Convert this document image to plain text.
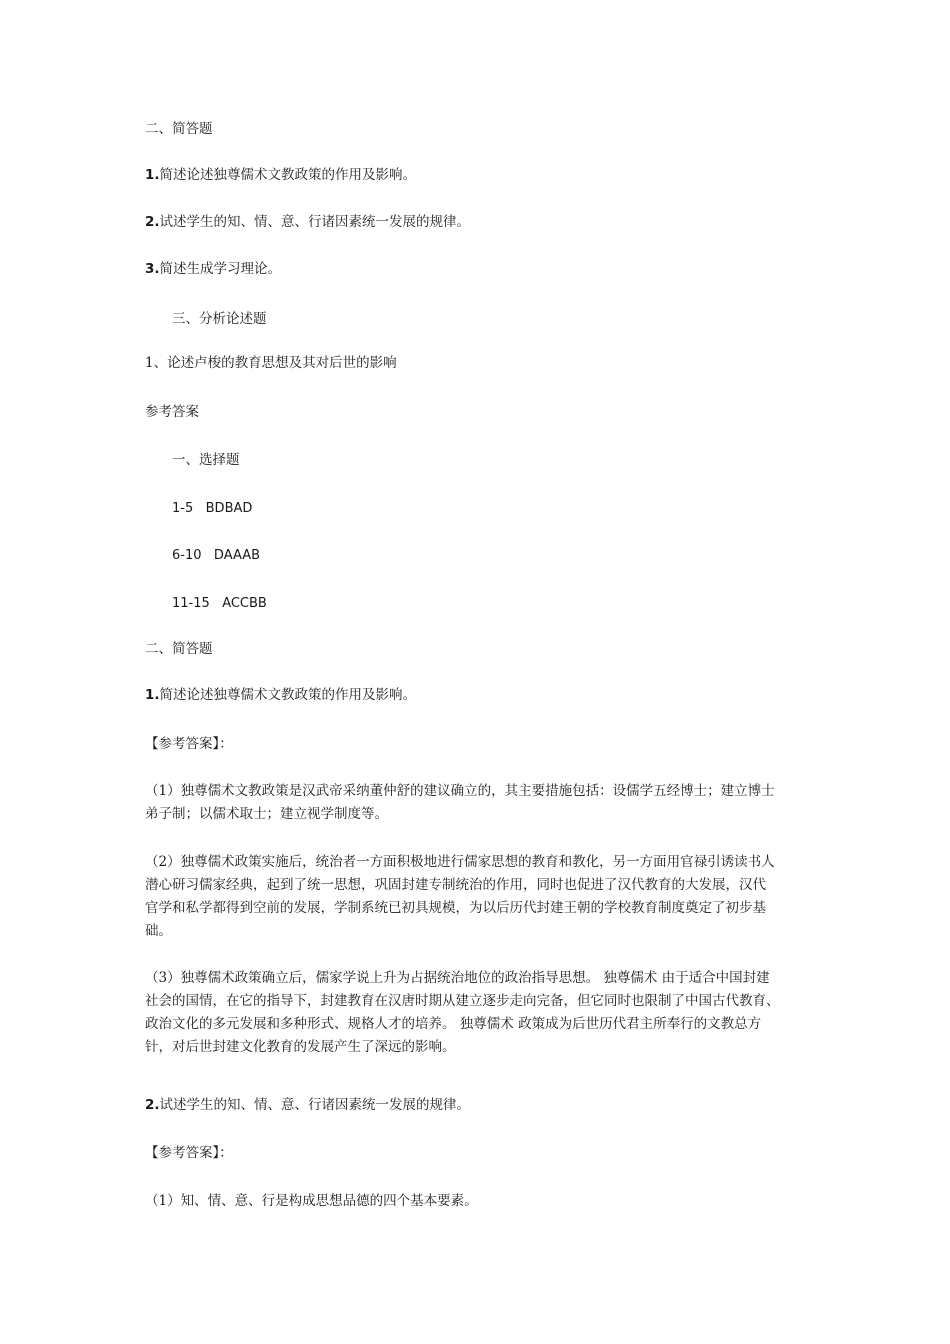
二、简答题
1.简述论述独尊儒术文教政策的作用及影响。
2.试述学生的知、情、意、行诸因素统一发展的规律。
3.简述生成学习理论。
三、分析论述题
1、论述卢梭的教育思想及其对后世的影响
参考答案
一、选择题
1-5 BDBAD
6-10 DAAAB
11-15 ACCBB
二、简答题
1.简述论述独尊儒术文教政策的作用及影响。
【参考答案】：
（1）独尊儒术文教政策是汉武帝采纳董仲舒的建议确立的，其主要措施包括：设儒学五经博士；建立博士
弟子制；以儒术取士；建立视学制度等。
（2）独尊儒术政策实施后，统治者一方面积极地进行儒家思想的教育和教化，另一方面用官禄引诱读书人
潜心研习儒家经典，起到了统一思想，巩固封建专制统治的作用，同时也促进了汉代教育的大发展，汉代
官学和私学都得到空前的发展，学制系统已初具规模，为以后历代封建王朝的学校教育制度奠定了初步基
础。
（3）独尊儒术政策确立后，儒家学说上升为占据统治地位的政治指导思想。 独尊儒术 由于适合中国封建
社会的国情，在它的指导下，封建教育在汉唐时期从建立逐步走向完备，但它同时也限制了中国古代教育、
政治文化的多元发展和多种形式、规格人才的培养。 独尊儒术 政策成为后世历代君主所奉行的文教总方
针，对后世封建文化教育的发展产生了深远的影响。
2.试述学生的知、情、意、行诸因素统一发展的规律。
【参考答案】：
（1）知、情、意、行是构成思想品德的四个基本要素。
